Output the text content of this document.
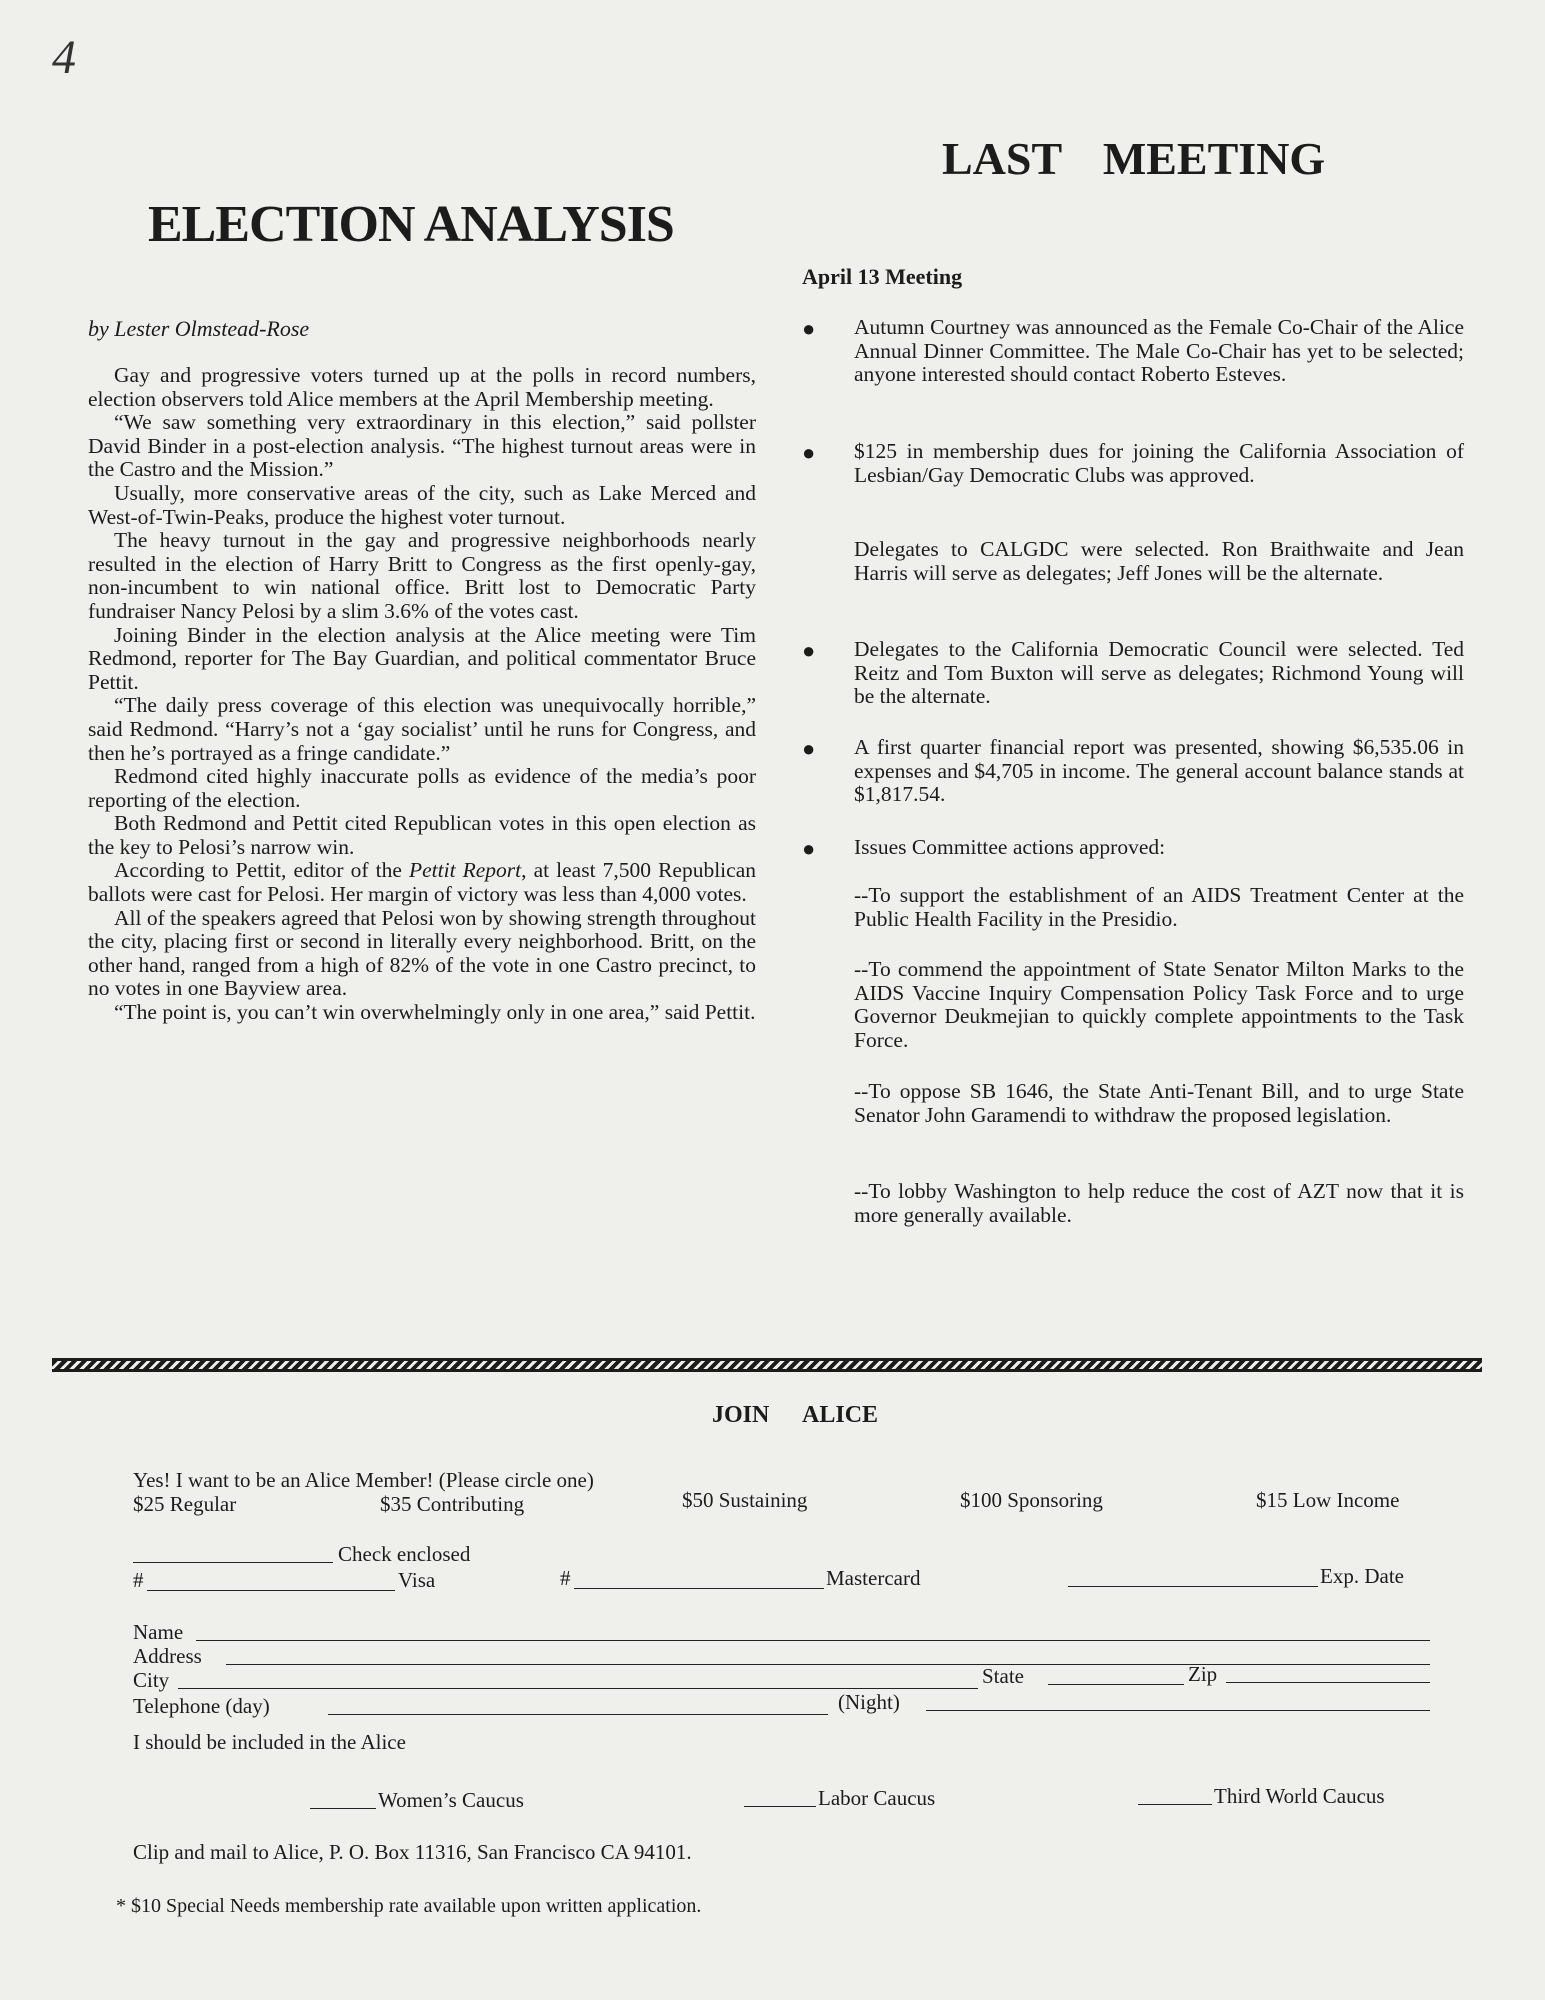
4
ELECTION ANALYSIS
by Lester Olmstead-Rose

Gay and progressive voters turned up at the polls in record numbers, election observers told Alice members at the April Membership meeting.

“We saw something very extraordinary in this election,” said pollster David Binder in a post-election analysis. “The highest turnout areas were in the Castro and the Mission.”

Usually, more conservative areas of the city, such as Lake Merced and West-of-Twin-Peaks, produce the highest voter turnout.

The heavy turnout in the gay and progressive neighborhoods nearly resulted in the election of Harry Britt to Congress as the first openly-gay, non-incumbent to win national office. Britt lost to Democratic Party fundraiser Nancy Pelosi by a slim 3.6% of the votes cast.

Joining Binder in the election analysis at the Alice meeting were Tim Redmond, reporter for The Bay Guardian, and political commentator Bruce Pettit.

“The daily press coverage of this election was unequivocally horrible,” said Redmond. “Harry’s not a ‘gay socialist’ until he runs for Congress, and then he’s portrayed as a fringe candidate.”

Redmond cited highly inaccurate polls as evidence of the media’s poor reporting of the election.

Both Redmond and Pettit cited Republican votes in this open election as the key to Pelosi’s narrow win.

According to Pettit, editor of the Pettit Report, at least 7,500 Republican ballots were cast for Pelosi. Her margin of victory was less than 4,000 votes.

All of the speakers agreed that Pelosi won by showing strength throughout the city, placing first or second in literally every neighborhood. Britt, on the other hand, ranged from a high of 82% of the vote in one Castro precinct, to no votes in one Bayview area.

“The point is, you can’t win overwhelmingly only in one area,” said Pettit.

LAST MEETING
April 13 Meeting
● Autumn Courtney was announced as the Female Co-Chair of the Alice Annual Dinner Committee. The Male Co-Chair has yet to be selected; anyone interested should contact Roberto Esteves.
● $125 in membership dues for joining the California Association of Lesbian/Gay Democratic Clubs was approved.
Delegates to CALGDC were selected. Ron Braithwaite and Jean Harris will serve as delegates; Jeff Jones will be the alternate.
● Delegates to the California Democratic Council were selected. Ted Reitz and Tom Buxton will serve as delegates; Richmond Young will be the alternate.
● A first quarter financial report was presented, showing $6,535.06 in expenses and $4,705 in income. The general account balance stands at $1,817.54.
● Issues Committee actions approved:
--To support the establishment of an AIDS Treatment Center at the Public Health Facility in the Presidio.
--To commend the appointment of State Senator Milton Marks to the AIDS Vaccine Inquiry Compensation Policy Task Force and to urge Governor Deukmejian to quickly complete appointments to the Task Force.
--To oppose SB 1646, the State Anti-Tenant Bill, and to urge State Senator John Garamendi to withdraw the proposed legislation.
--To lobby Washington to help reduce the cost of AZT now that it is more generally available.
JOIN ALICE
Yes! I want to be an Alice Member! (Please circle one)
$25 Regular	$35 Contributing	$50 Sustaining	$100 Sponsoring	$15 Low Income
Check enclosed
#	Visa	#	Mastercard	Exp. Date
Name
Address
City	State	Zip
Telephone (day)	(Night)
I should be included in the Alice
Women’s Caucus	Labor Caucus	Third World Caucus
Clip and mail to Alice, P. O. Box 11316, San Francisco CA 94101.
* $10 Special Needs membership rate available upon written application.
